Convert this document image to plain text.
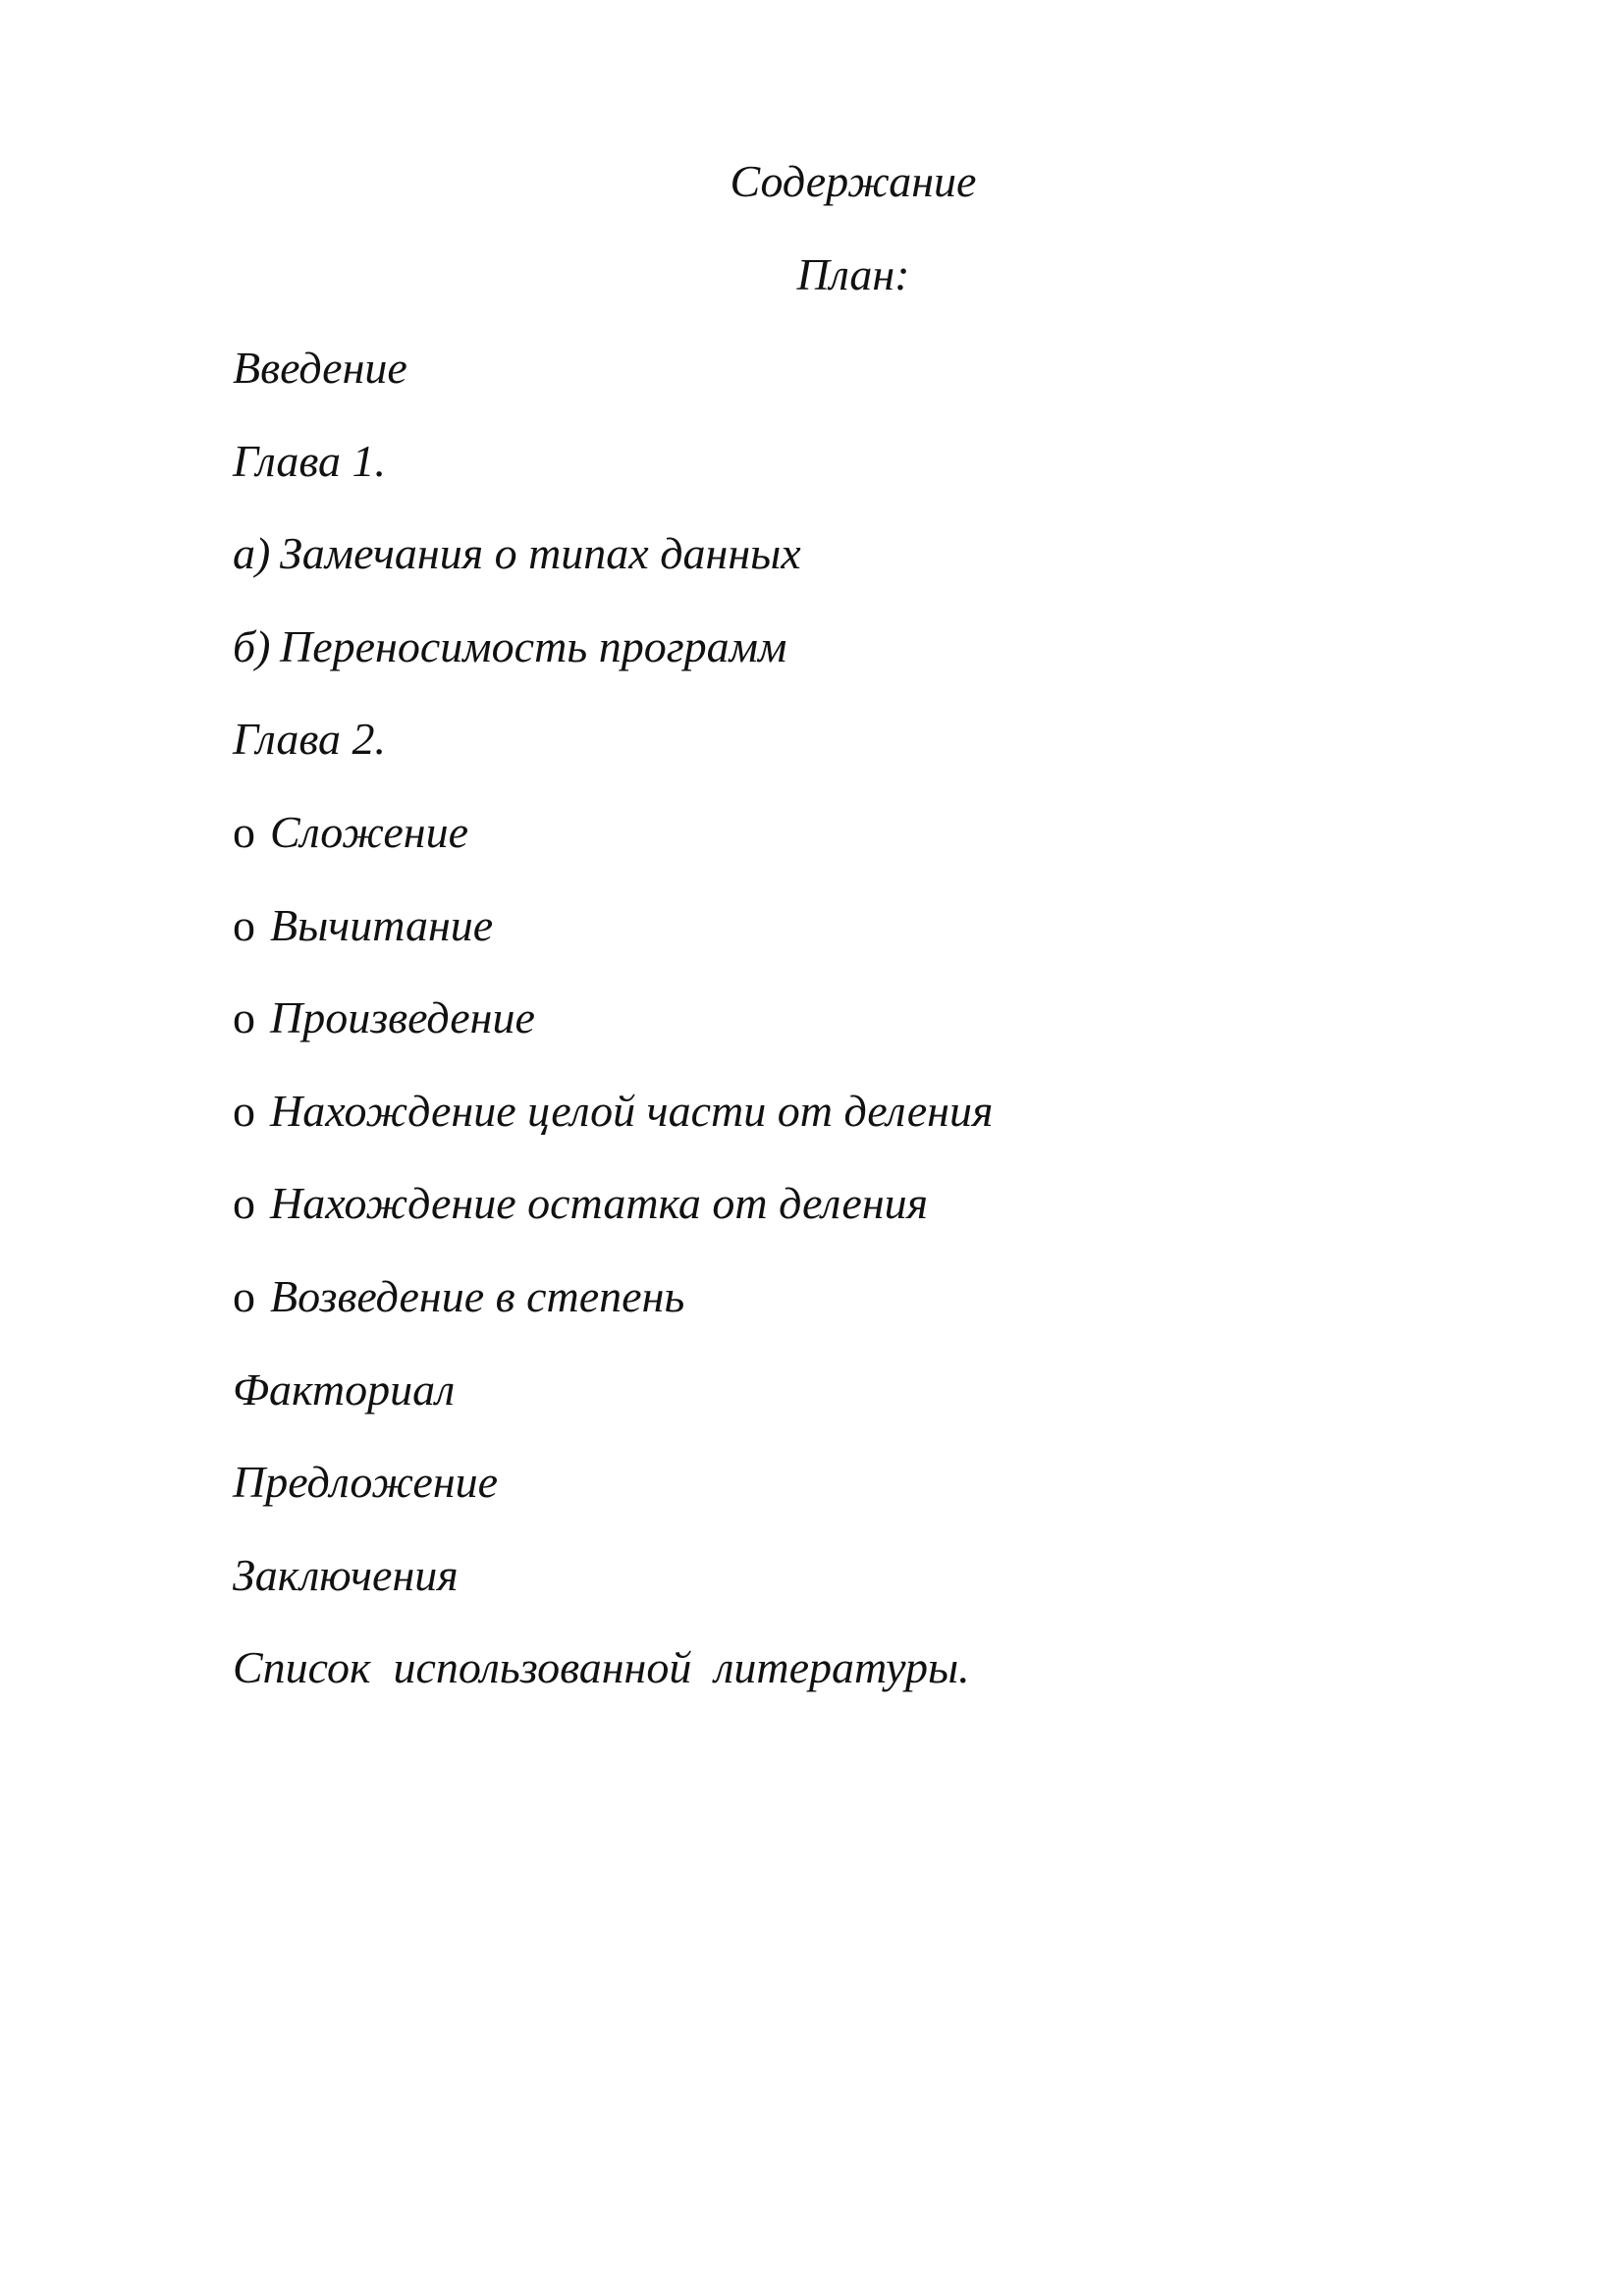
Содержание
План:
Введение
Глава 1.
а) Замечания о типах данных
б) Переносимость программ
Глава 2.
o Сложение
o Вычитание
o Произведение
o Нахождение целой части от деления
o Нахождение остатка от деления
o Возведение в степень
Факториал
Предложение
Заключения
Список  использованной  литературы.
